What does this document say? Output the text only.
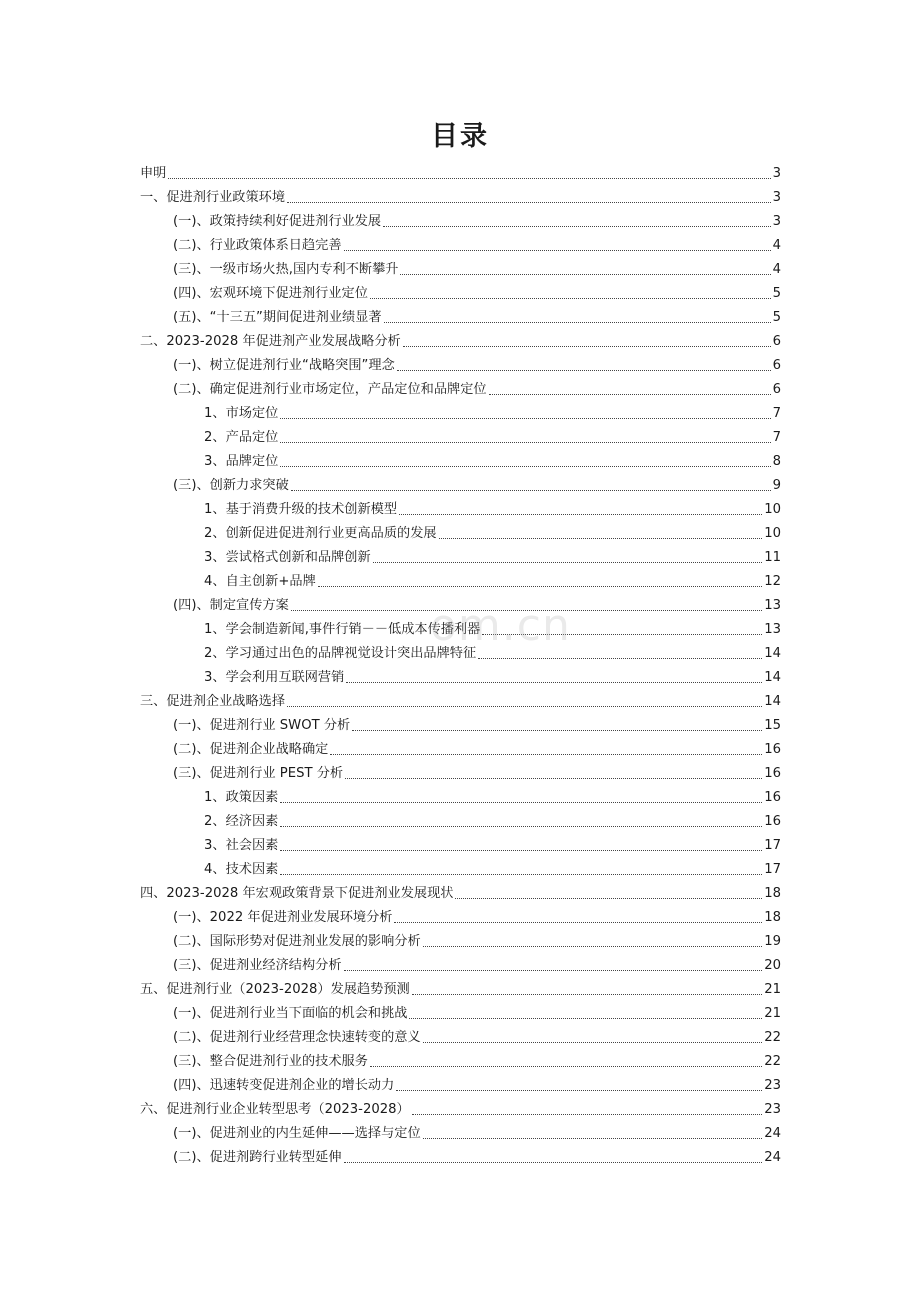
目录
申明	3
一、促进剂行业政策环境	3
(一)、政策持续利好促进剂行业发展	3
(二)、行业政策体系日趋完善	4
(三)、一级市场火热,国内专利不断攀升	4
(四)、宏观环境下促进剂行业定位	5
(五)、“十三五”期间促进剂业绩显著	5
二、2023-2028 年促进剂产业发展战略分析	6
(一)、树立促进剂行业“战略突围”理念	6
(二)、确定促进剂行业市场定位，产品定位和品牌定位	6
1、市场定位	7
2、产品定位	7
3、品牌定位	8
(三)、创新力求突破	9
1、基于消费升级的技术创新模型	10
2、创新促进促进剂行业更高品质的发展	10
3、尝试格式创新和品牌创新	11
4、自主创新+品牌	12
(四)、制定宣传方案	13
1、学会制造新闻,事件行销－－低成本传播利器	13
2、学习通过出色的品牌视觉设计突出品牌特征	14
3、学会利用互联网营销	14
三、促进剂企业战略选择	14
(一)、促进剂行业 SWOT 分析	15
(二)、促进剂企业战略确定	16
(三)、促进剂行业 PEST 分析	16
1、政策因素	16
2、经济因素	16
3、社会因素	17
4、技术因素	17
四、2023-2028 年宏观政策背景下促进剂业发展现状	18
(一)、2022 年促进剂业发展环境分析	18
(二)、国际形势对促进剂业发展的影响分析	19
(三)、促进剂业经济结构分析	20
五、促进剂行业（2023-2028）发展趋势预测	21
(一)、促进剂行业当下面临的机会和挑战	21
(二)、促进剂行业经营理念快速转变的意义	22
(三)、整合促进剂行业的技术服务	22
(四)、迅速转变促进剂企业的增长动力	23
六、促进剂行业企业转型思考（2023-2028）	23
(一)、促进剂业的内生延伸——选择与定位	24
(二)、促进剂跨行业转型延伸	24
om.cn
